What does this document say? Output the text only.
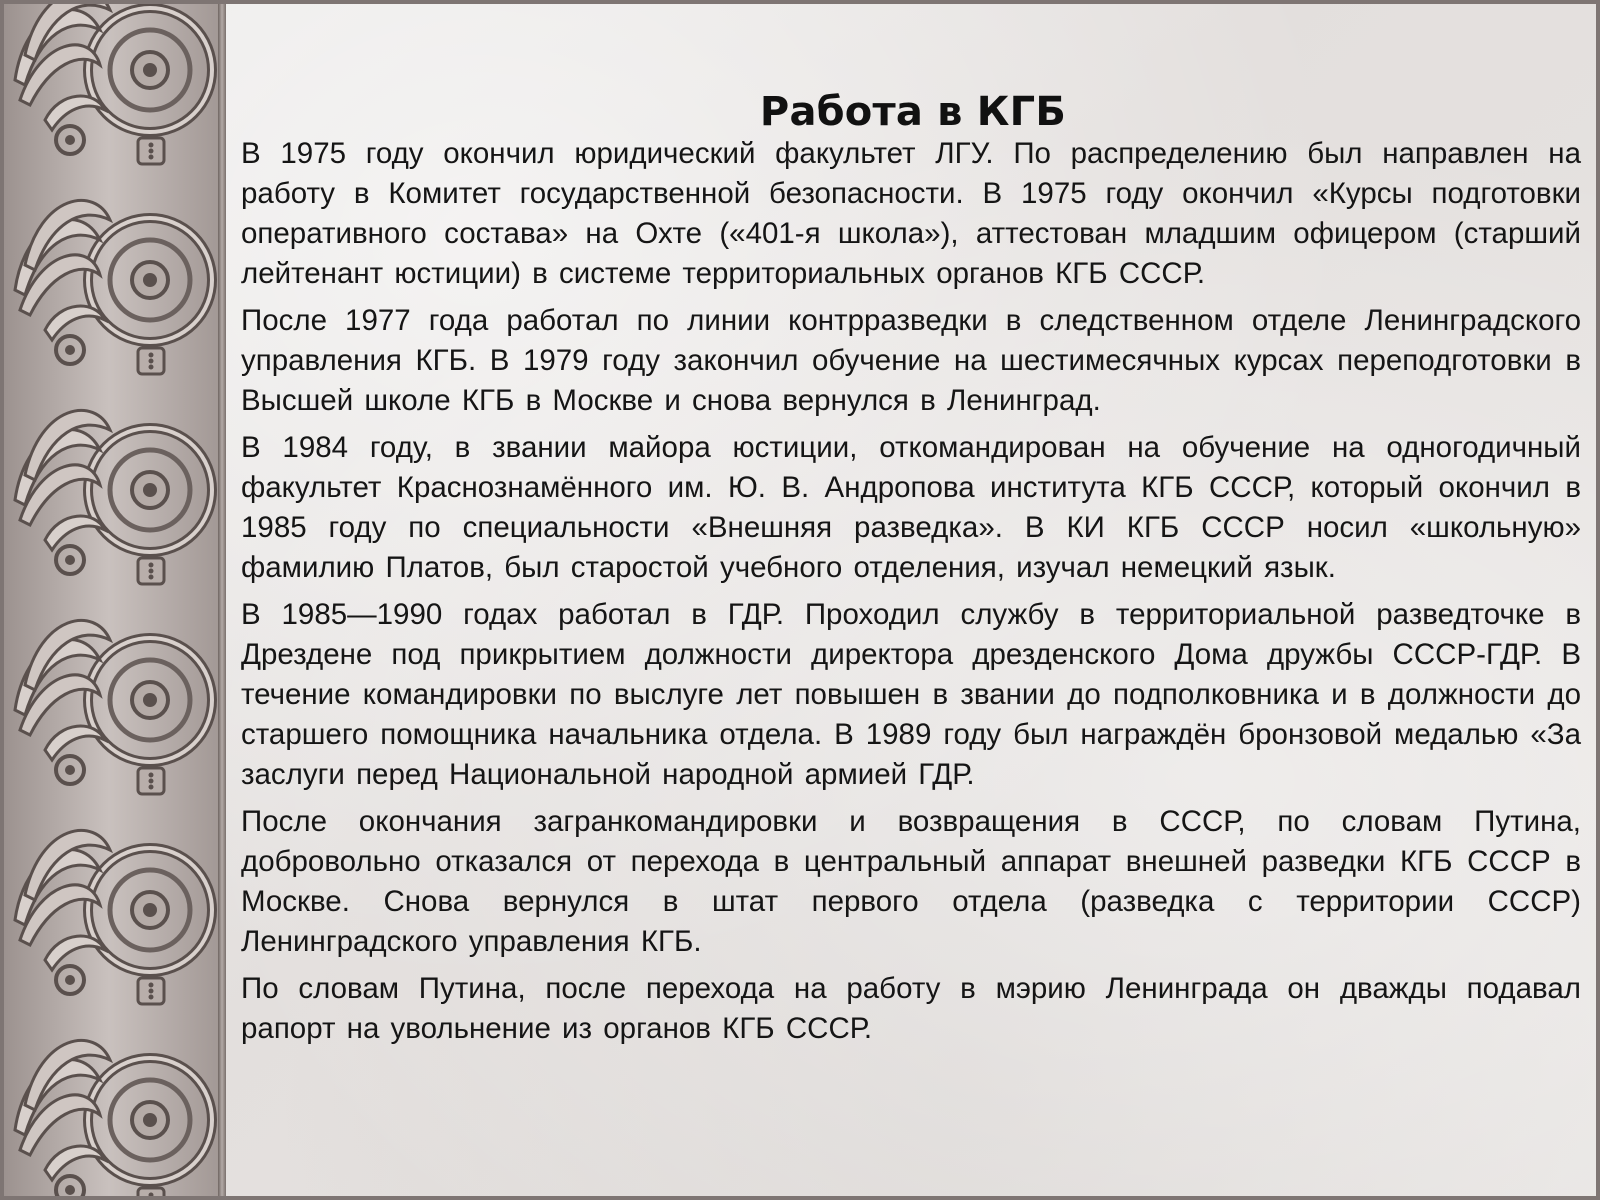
Работа в КГБ

В 1975 году окончил юридический факультет ЛГУ. По распределению был направлен на работу в Комитет государственной безопасности. В 1975 году окончил «Курсы подготовки оперативного состава» на Охте («401-я школа»), аттестован младшим офицером (старший лейтенант юстиции) в системе территориальных органов КГБ СССР.

После 1977 года работал по линии контрразведки в следственном отделе Ленинградского управления КГБ. В 1979 году закончил обучение на шестимесячных курсах переподготовки в Высшей школе КГБ в Москве и снова вернулся в Ленинград.

В 1984 году, в звании майора юстиции, откомандирован на обучение на одногодичный факультет Краснознамённого им. Ю. В. Андропова института КГБ СССР, который окончил в 1985 году по специальности «Внешняя разведка». В КИ КГБ СССР носил «школьную» фамилию Платов, был старостой учебного отделения, изучал немецкий язык.

В 1985—1990 годах работал в ГДР. Проходил службу в территориальной разведточке в Дрездене под прикрытием должности директора дрезденского Дома дружбы СССР-ГДР. В течение командировки по выслуге лет повышен в звании до подполковника и в должности до старшего помощника начальника отдела. В 1989 году был награждён бронзовой медалью «За заслуги перед Национальной народной армией ГДР.

После окончания загранкомандировки и возвращения в СССР, по словам Путина, добровольно отказался от перехода в центральный аппарат внешней разведки КГБ СССР в Москве. Снова вернулся в штат первого отдела (разведка с территории СССР) Ленинградского управления КГБ.

По словам Путина, после перехода на работу в мэрию Ленинграда он дважды подавал рапорт на увольнение из органов КГБ СССР.
